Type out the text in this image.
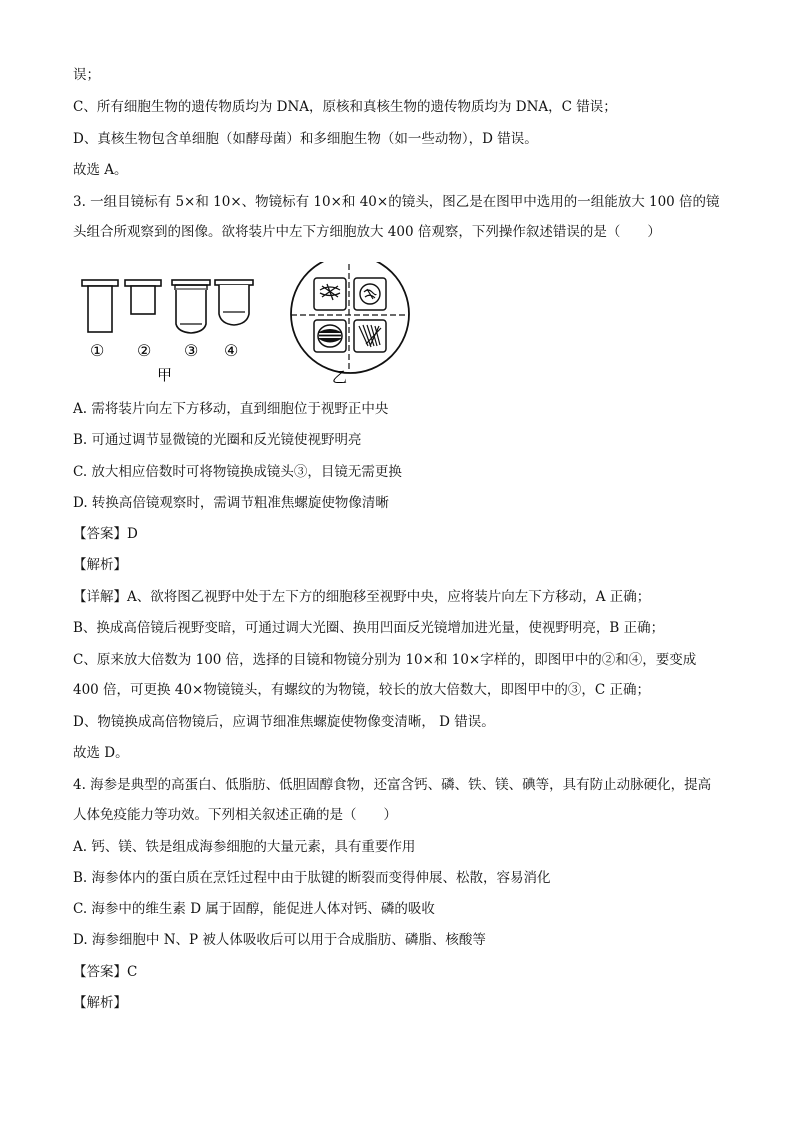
误；
C、所有细胞生物的遗传物质均为 DNA，原核和真核生物的遗传物质均为 DNA，C 错误；
D、真核生物包含单细胞（如酵母菌）和多细胞生物（如一些动物），D 错误。
故选 A。
3. 一组目镜标有 5×和 10×、物镜标有 10×和 40×的镜头，图乙是在图甲中选用的一组能放大 100 倍的镜头组合所观察到的图像。欲将装片中左下方细胞放大 400 倍观察，下列操作叙述错误的是（　　）
① ② ③ ④
甲	乙
A. 需将装片向左下方移动，直到细胞位于视野正中央
B. 可通过调节显微镜的光圈和反光镜使视野明亮
C. 放大相应倍数时可将物镜换成镜头③，目镜无需更换
D. 转换高倍镜观察时，需调节粗准焦螺旋使物像清晰
【答案】D
【解析】
【详解】A、欲将图乙视野中处于左下方的细胞移至视野中央，应将装片向左下方移动，A 正确；
B、换成高倍镜后视野变暗，可通过调大光圈、换用凹面反光镜增加进光量，使视野明亮，B 正确；
C、原来放大倍数为 100 倍，选择的目镜和物镜分别为 10×和 10×字样的，即图甲中的②和④，要变成 400 倍，可更换 40×物镜镜头，有螺纹的为物镜，较长的放大倍数大，即图甲中的③，C 正确；
D、物镜换成高倍物镜后，应调节细准焦螺旋使物像变清晰， D 错误。
故选 D。
4. 海参是典型的高蛋白、低脂肪、低胆固醇食物，还富含钙、磷、铁、镁、碘等，具有防止动脉硬化，提高人体免疫能力等功效。下列相关叙述正确的是（　　）
A. 钙、镁、铁是组成海参细胞的大量元素，具有重要作用
B. 海参体内的蛋白质在烹饪过程中由于肽键的断裂而变得伸展、松散，容易消化
C. 海参中的维生素 D 属于固醇，能促进人体对钙、磷的吸收
D. 海参细胞中 N、P 被人体吸收后可以用于合成脂肪、磷脂、核酸等
【答案】C
【解析】
